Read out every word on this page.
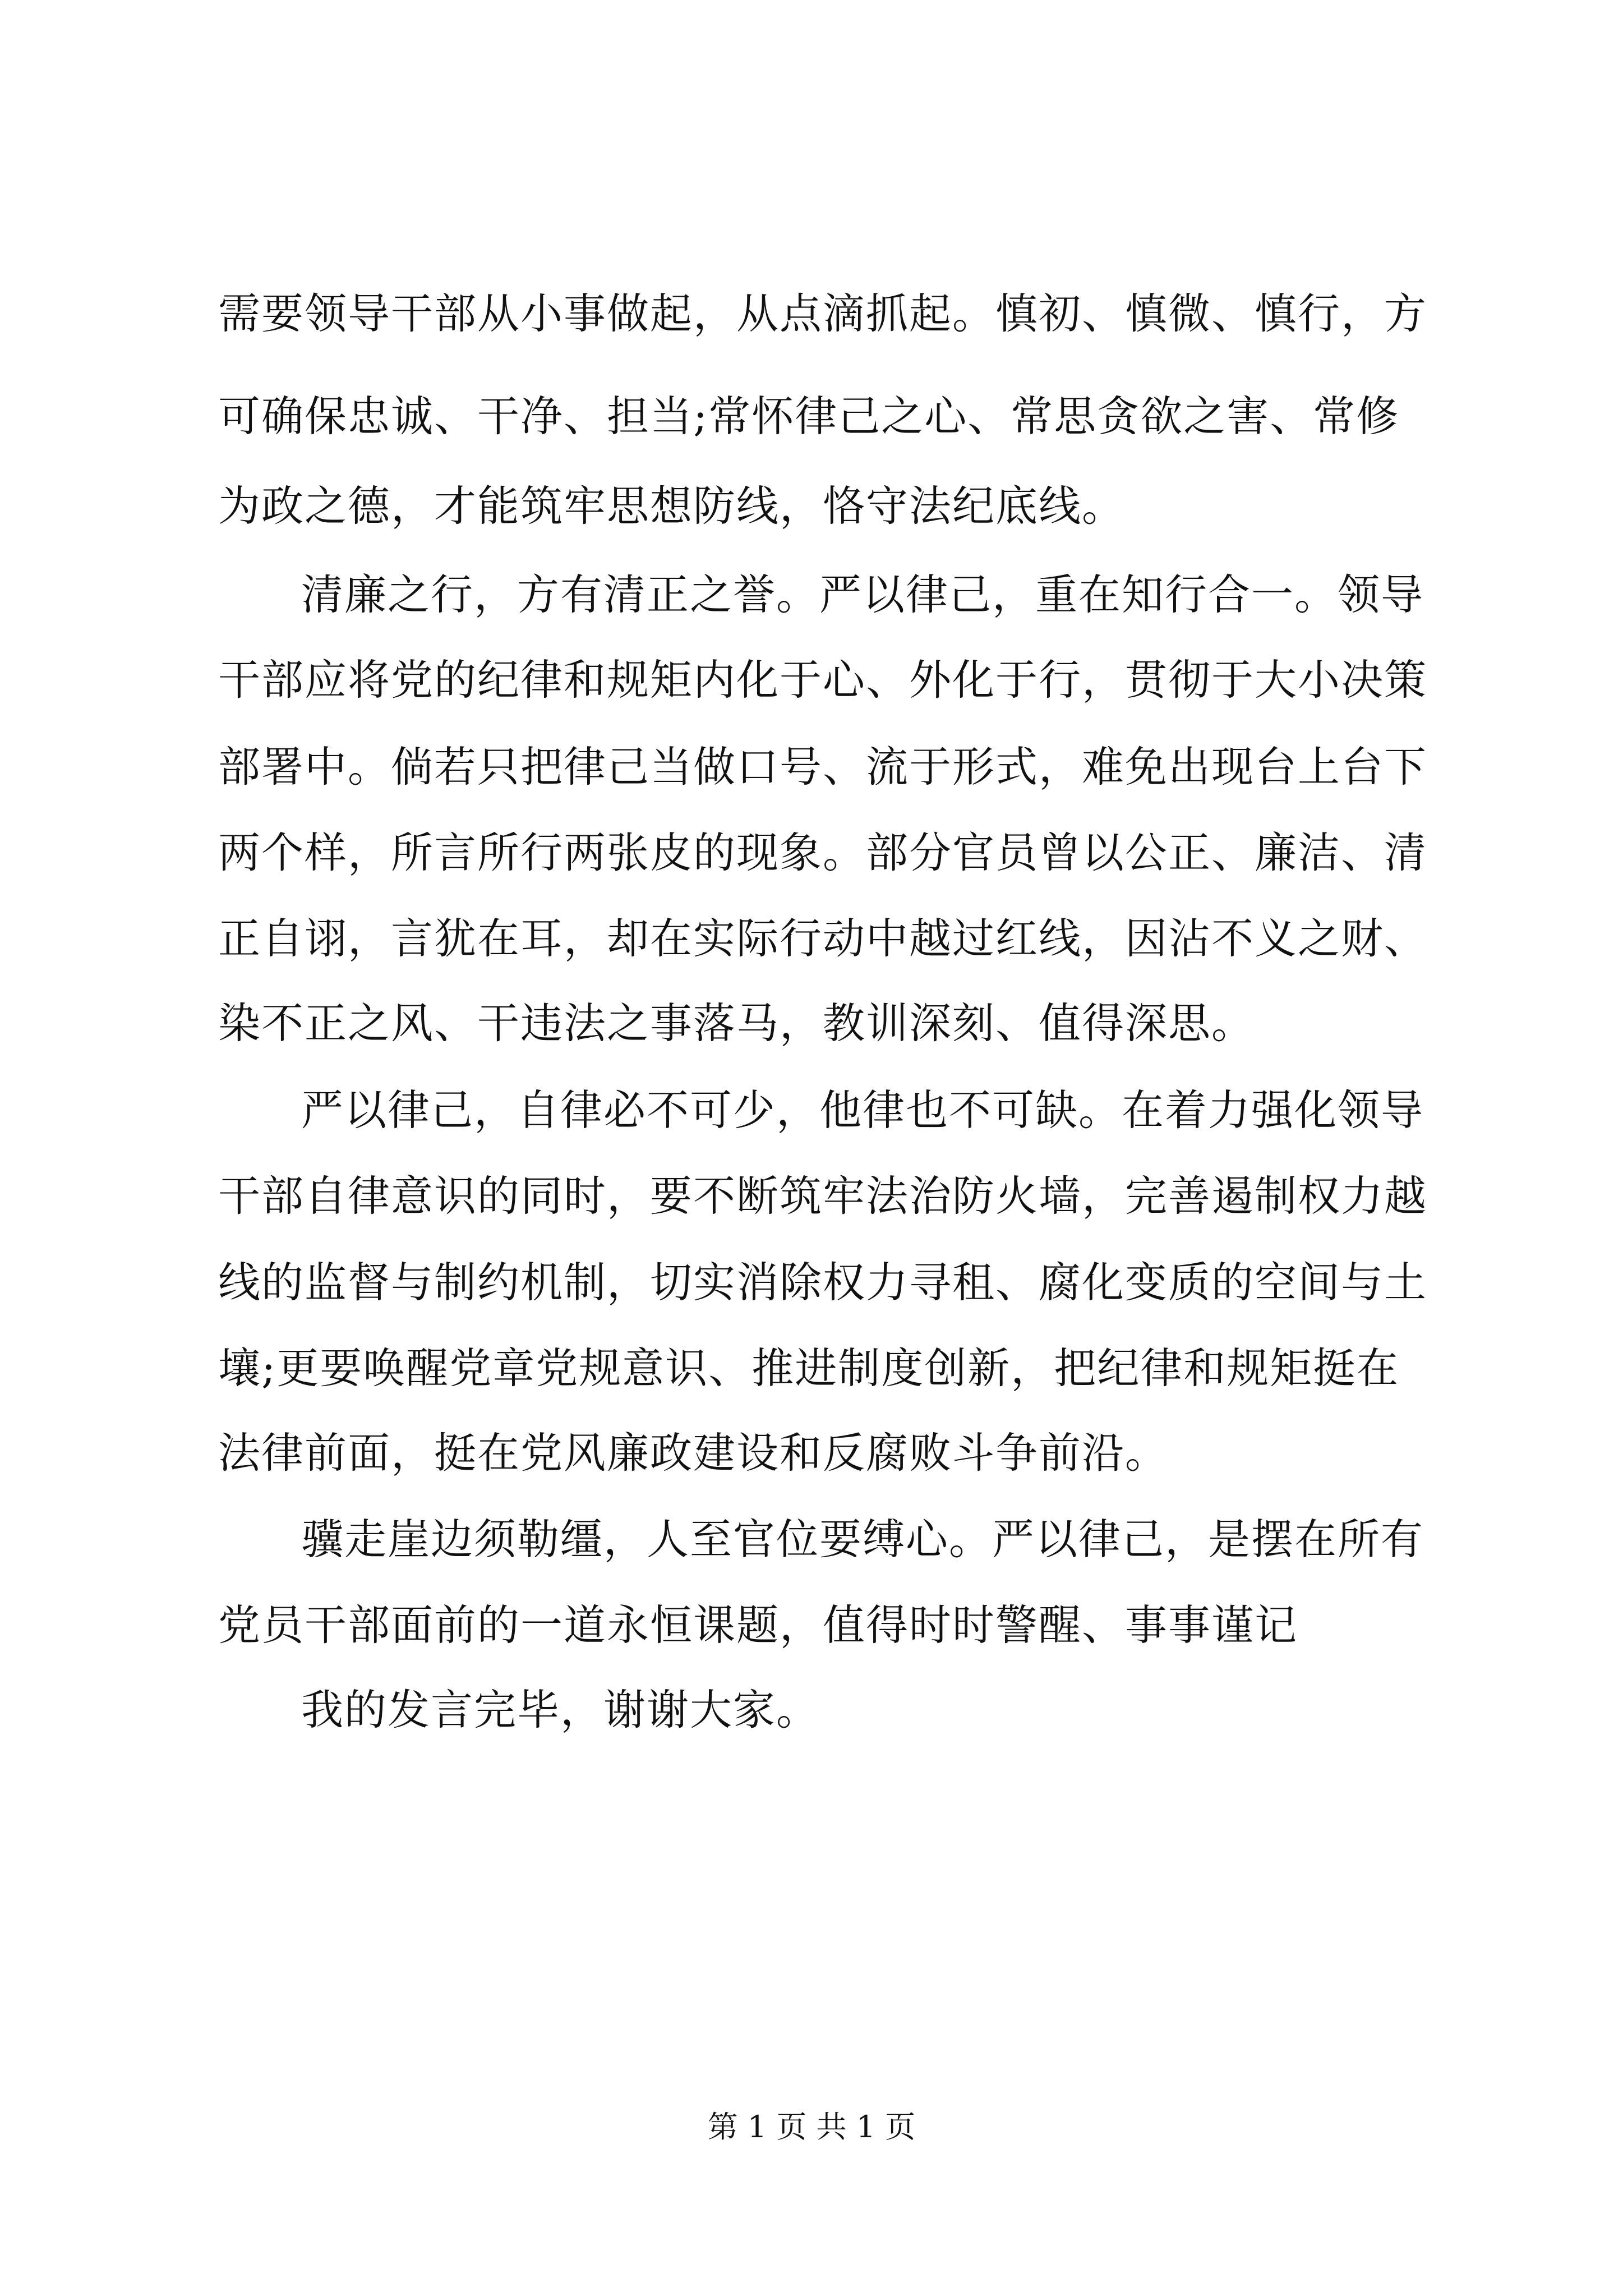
需要领导干部从小事做起，从点滴抓起。慎初、慎微、慎行，方
可确保忠诚、干净、担当;常怀律己之心、常思贪欲之害、常修
为政之德，才能筑牢思想防线，恪守法纪底线。
清廉之行，方有清正之誉。严以律己，重在知行合一。领导
干部应将党的纪律和规矩内化于心、外化于行，贯彻于大小决策
部署中。倘若只把律己当做口号、流于形式，难免出现台上台下
两个样，所言所行两张皮的现象。部分官员曾以公正、廉洁、清
正自诩，言犹在耳，却在实际行动中越过红线，因沾不义之财、
染不正之风、干违法之事落马，教训深刻、值得深思。
严以律己，自律必不可少，他律也不可缺。在着力强化领导
干部自律意识的同时，要不断筑牢法治防火墙，完善遏制权力越
线的监督与制约机制，切实消除权力寻租、腐化变质的空间与土
壤;更要唤醒党章党规意识、推进制度创新，把纪律和规矩挺在
法律前面，挺在党风廉政建设和反腐败斗争前沿。
骥走崖边须勒缰，人至官位要缚心。严以律己，是摆在所有
党员干部面前的一道永恒课题，值得时时警醒、事事谨记
我的发言完毕，谢谢大家。
第 1 页 共 1 页
